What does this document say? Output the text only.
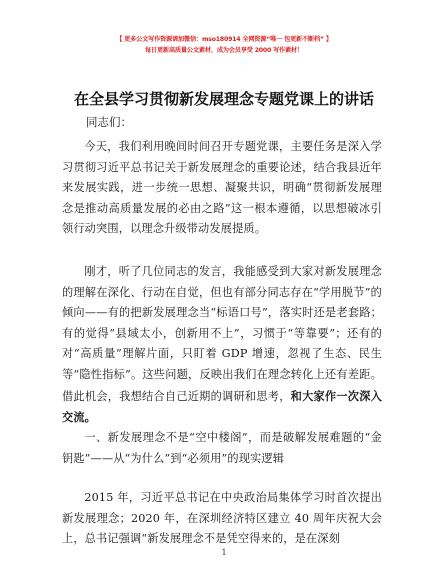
【 更多公文写作资源请加微信：mso180914 全网资源“唯一 包更新不断档” 】
每日更新高质量公文素材，成为会员享受 2000 写作素材！
在全县学习贯彻新发展理念专题党课上的讲话
同志们：
今天，我们利用晚间时间召开专题党课，主要任务是深入学习贯彻习近平总书记关于新发展理念的重要论述，结合我县近年来发展实践，进一步统一思想、凝聚共识，明确“贯彻新发展理念是推动高质量发展的必由之路”这一根本遵循，以思想破冰引领行动突围，以理念升级带动发展提质。
刚才，听了几位同志的发言，我能感受到大家对新发展理念的理解在深化、行动在自觉，但也有部分同志存在“学用脱节”的倾向——有的把新发展理念当“标语口号”，落实时还是老套路；有的觉得“县域太小，创新用不上”，习惯于“等靠要”；还有的对“高质量”理解片面，只盯着 GDP 增速，忽视了生态、民生等“隐性指标”。这些问题，反映出我们在理念转化上还有差距。借此机会，我想结合自己近期的调研和思考，和大家作一次深入交流。
一、新发展理念不是“空中楼阁”，而是破解发展难题的“金钥匙”——从“为什么”到“必须用”的现实逻辑
2015 年，习近平总书记在中央政治局集体学习时首次提出新发展理念；2020 年，在深圳经济特区建立 40 周年庆祝大会上，总书记强调“新发展理念不是凭空得来的，是在深刻
1
